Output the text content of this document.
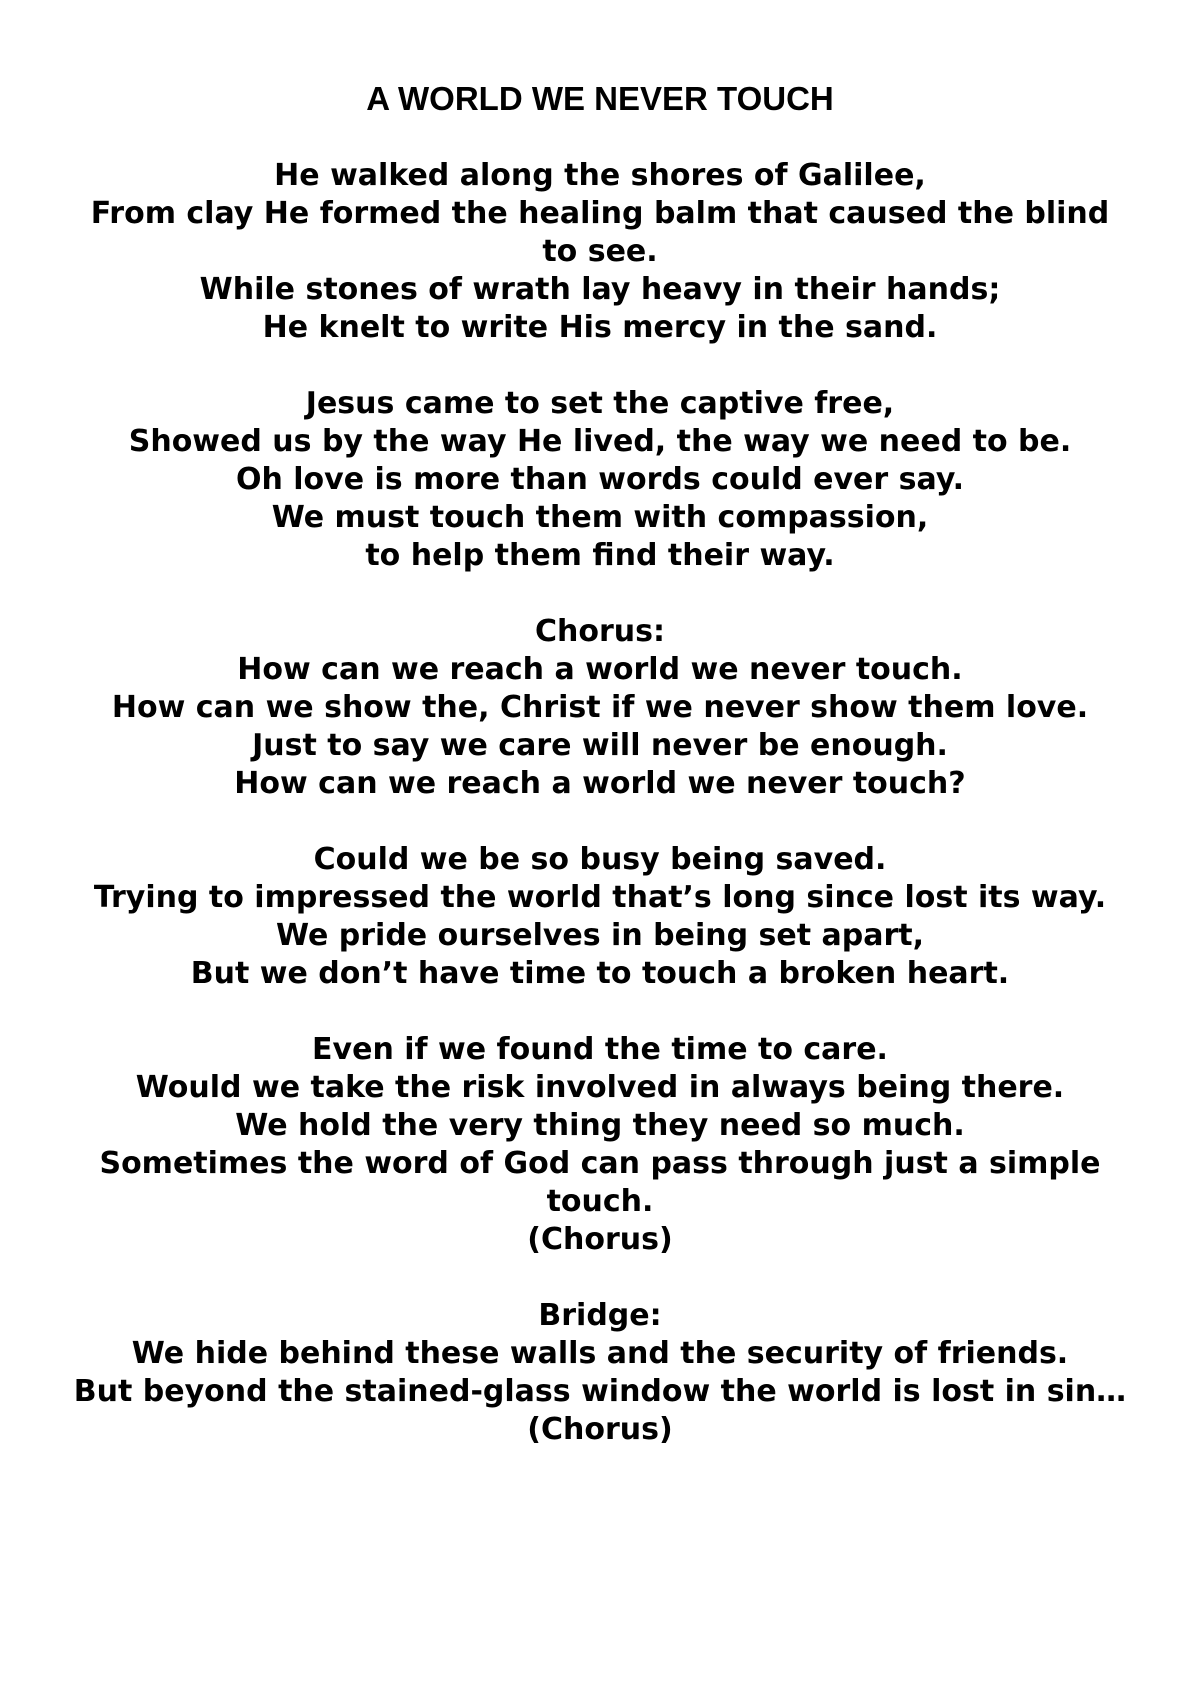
A WORLD WE NEVER TOUCH
He walked along the shores of Galilee,
From clay He formed the healing balm that caused the blind to see.
While stones of wrath lay heavy in their hands;
He knelt to write His mercy in the sand.
Jesus came to set the captive free,
Showed us by the way He lived, the way we need to be.
Oh love is more than words could ever say.
We must touch them with compassion,
to help them find their way.
Chorus:
How can we reach a world we never touch.
How can we show the, Christ if we never show them love.
Just to say we care will never be enough.
How can we reach a world we never touch?
Could we be so busy being saved.
Trying to impressed the world that’s long since lost its way.
We pride ourselves in being set apart,
But we don’t have time to touch a broken heart.
Even if we found the time to care.
Would we take the risk involved in always being there.
We hold the very thing they need so much.
Sometimes the word of God can pass through just a simple touch.
(Chorus)
Bridge:
We hide behind these walls and the security of friends.
But beyond the stained-glass window the world is lost in sin…
(Chorus)
